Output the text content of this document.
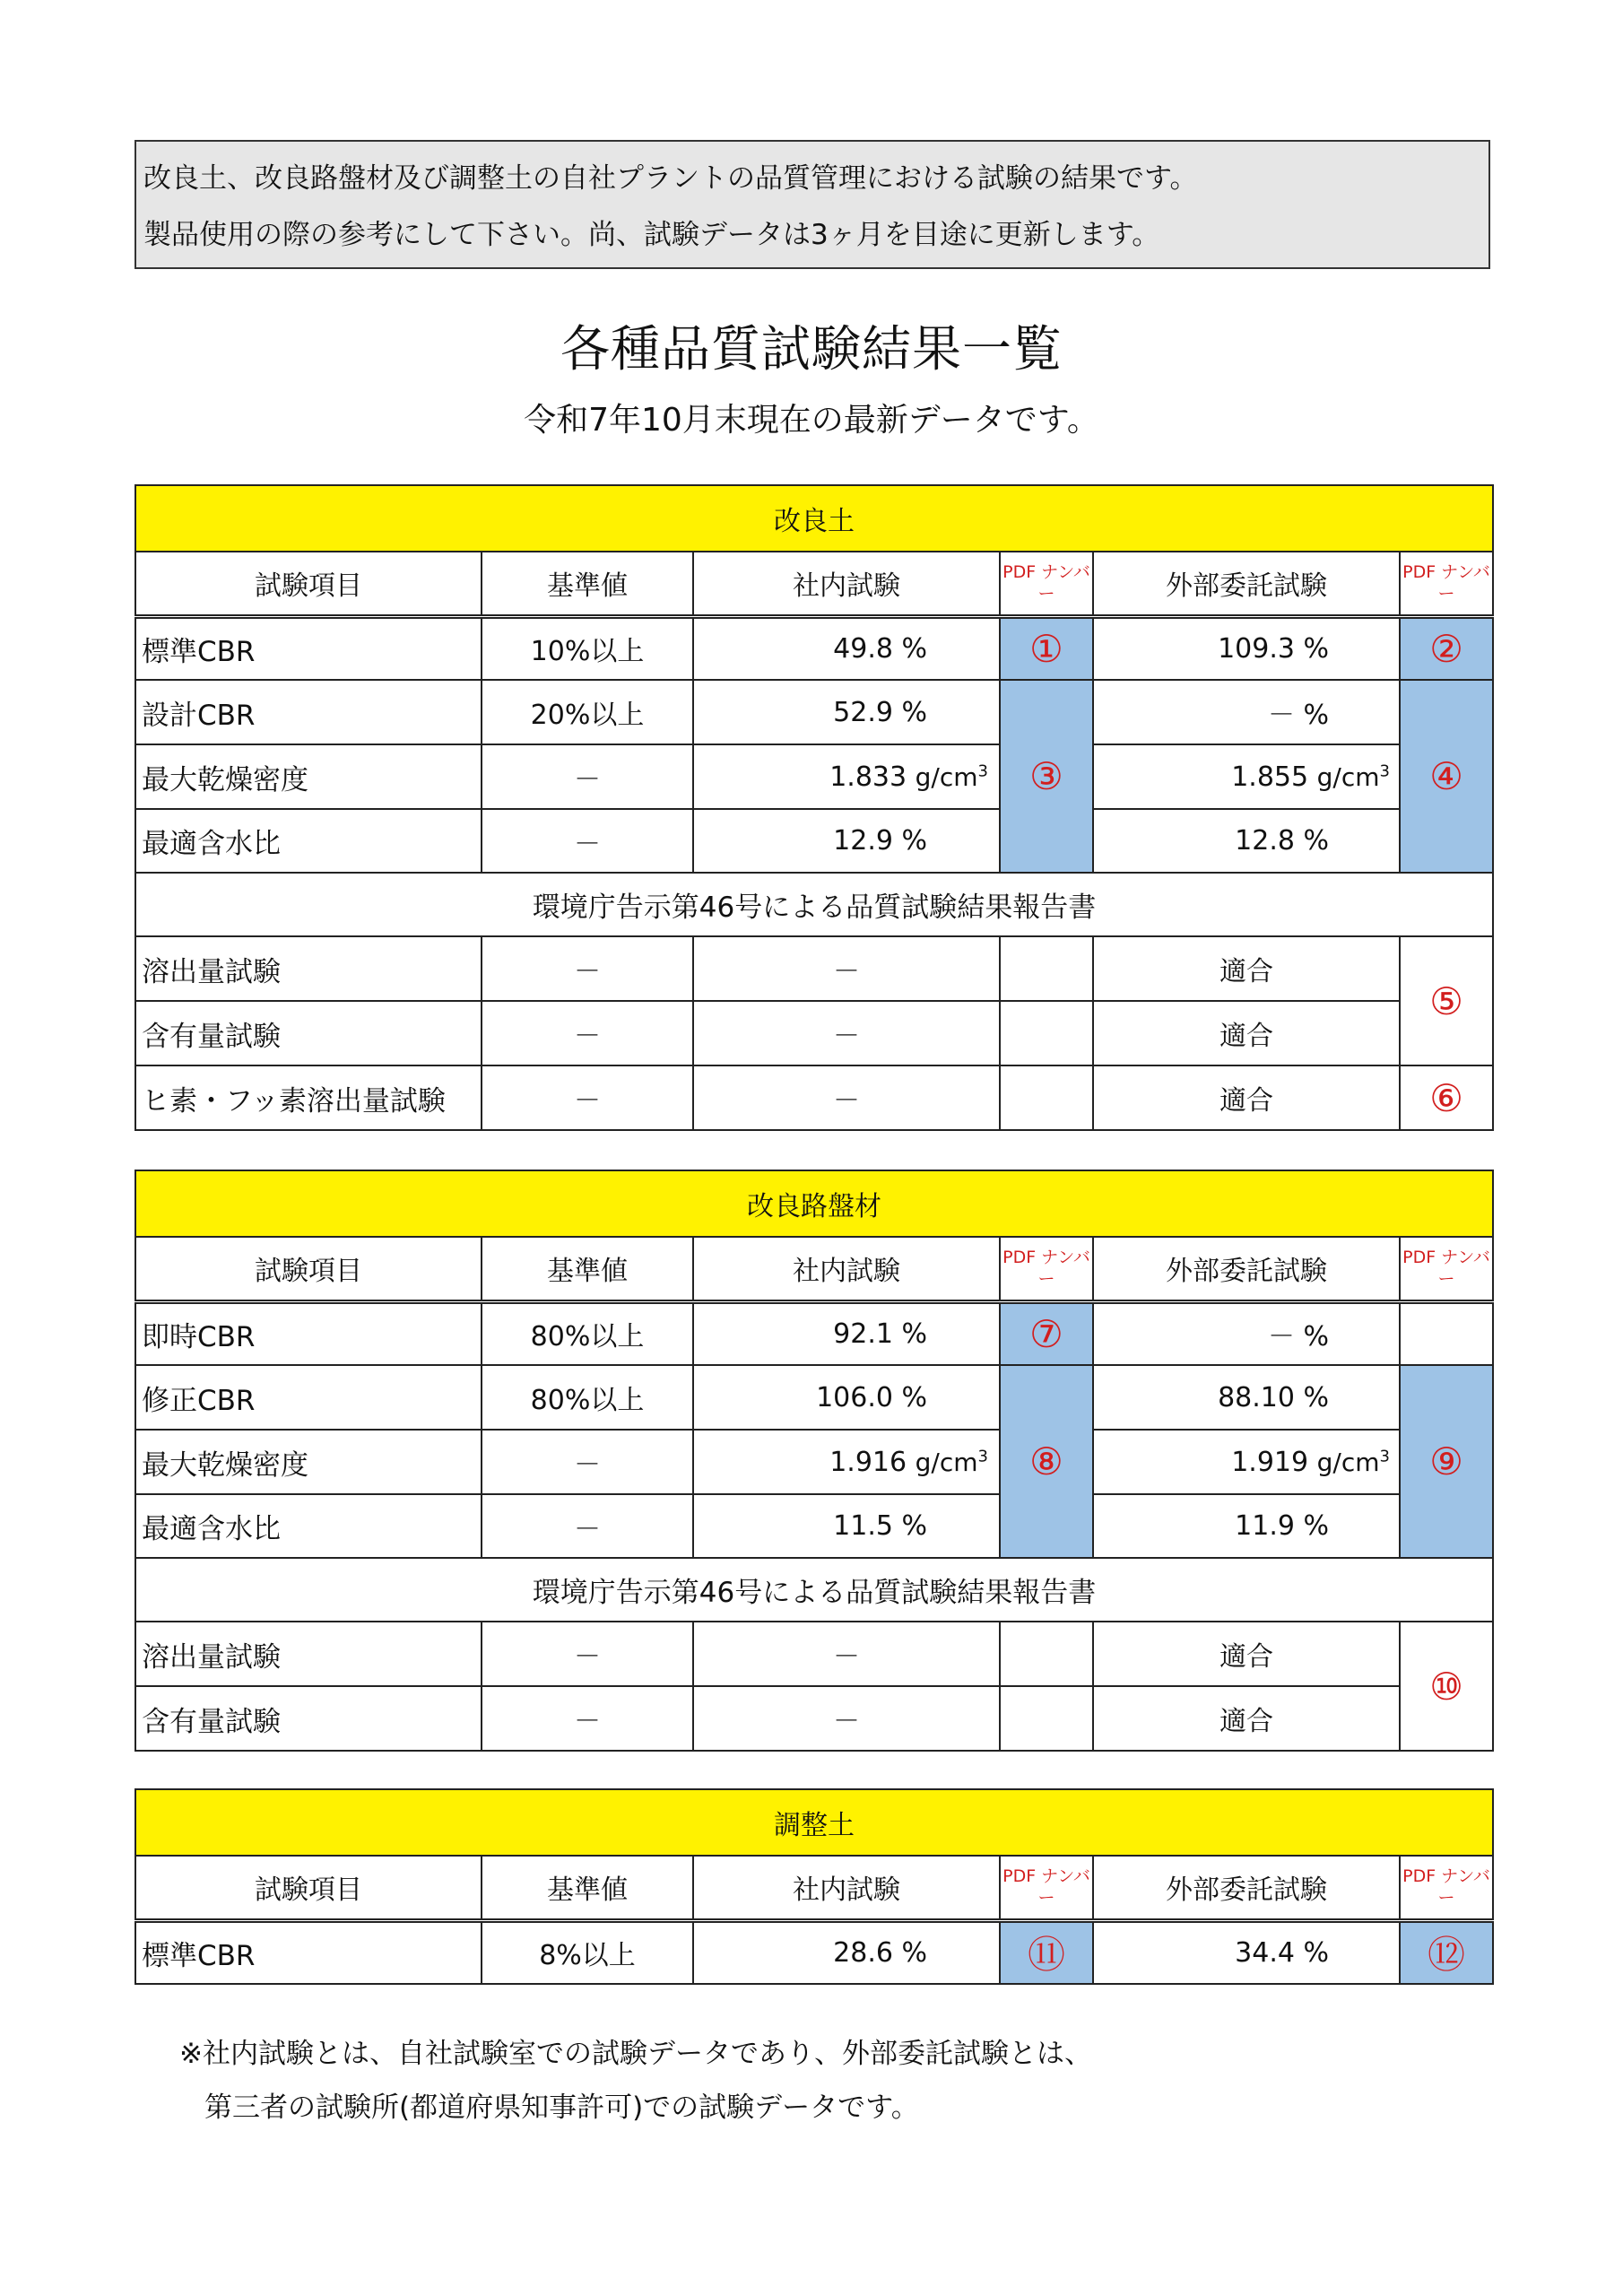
改良土、改良路盤材及び調整土の自社プラントの品質管理における試験の結果です。
製品使用の際の参考にして下さい。尚、試験データは3ヶ月を目途に更新します。
各種品質試験結果一覧
令和7年10月末現在の最新データです。
改良土					
試験項目	基準値	社内試験	PDF ナンバー	外部委託試験	PDF ナンバー
標準CBR	10%以上	49.8 %	①	109.3 %	②
設計CBR	20%以上	52.9 %	③	－ %	④
最大乾燥密度	－	1.833 $g/cm^3$		1.855 $g/cm^3$
最適含水比	－	12.9 %		12.8 %	
環境庁告示第46号による品質試験結果報告書					
溶出量試験	－	－		適合	⑤
含有量試験	－	－		適合	
ヒ素・フッ素溶出量試験	－	－		適合	⑥
改良路盤材					
試験項目	基準値	社内試験	PDF ナンバー	外部委託試験	PDF ナンバー
即時CBR	80%以上	92.1 %	⑦	－ %	
修正CBR	80%以上	106.0 %	⑧	88.10 %	⑨
最大乾燥密度	－	1.916 $g/cm^3$		1.919 $g/cm^3$
最適含水比	－	11.5 %		11.9 %	
環境庁告示第46号による品質試験結果報告書					
溶出量試験	－	－		適合	⑩
含有量試験	－	－		適合	
調整土					
試験項目	基準値	社内試験	PDF ナンバー	外部委託試験	PDF ナンバー
標準CBR	8%以上	28.6 %	⑪	34.4 %	⑫
※社内試験とは、自社試験室での試験データであり、外部委託試験とは、
第三者の試験所(都道府県知事許可)での試験データです。
